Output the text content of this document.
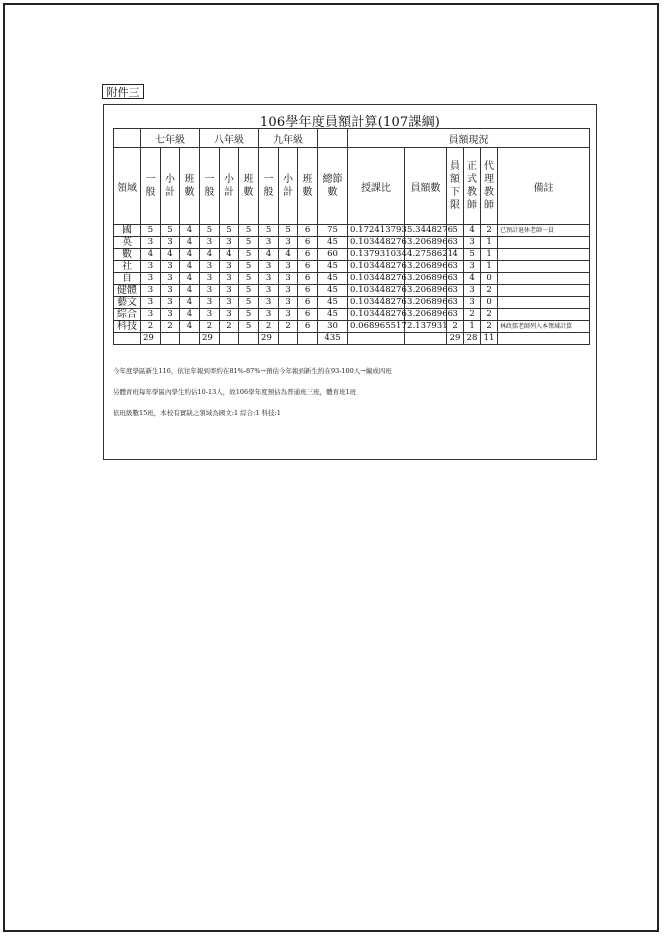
附件三
106學年度員額計算(107課綱)
	七年級			八年級			九年級				員額現況					
領域	一般	小計	班數	一般	小計	班數	一般	小計	班數	總節數	授課比	員額數	員額下限	正式教師	代理教師	備註
國	5	5	4	5	5	5	5	5	6	75	0.172413793	5.3448276	5	4	2	已預計退休老師一員
英	3	3	4	3	3	5	3	3	6	45	0.103448276	3.2068966	3	3	1	
數	4	4	4	4	4	5	4	4	6	60	0.137931034	4.2758621	4	5	1	
社	3	3	4	3	3	5	3	3	6	45	0.103448276	3.2068966	3	3	1	
自	3	3	4	3	3	5	3	3	6	45	0.103448276	3.2068966	3	4	0	
健體	3	3	4	3	3	5	3	3	6	45	0.103448276	3.2068966	3	3	2	
藝文	3	3	4	3	3	5	3	3	6	45	0.103448276	3.2068966	3	3	0	
綜合	3	3	4	3	3	5	3	3	6	45	0.103448276	3.2068966	3	2	2	
科技	2	2	4	2	2	5	2	2	6	30	0.068965517	2.137931	2	1	2	林政儒老師列入本領域計算
	29			29			29			435			29	28	11	
今年度學區新生116，依往年報到率約在81%-87%→預估今年報到新生約在93-100人→編成四班
另體育班每年學區內學生約佔10-13人，故106學年度預估為普通班三班，體育班1班
依班級數15班，本校有實缺之領域為國文:1 綜合:1 科技:1
